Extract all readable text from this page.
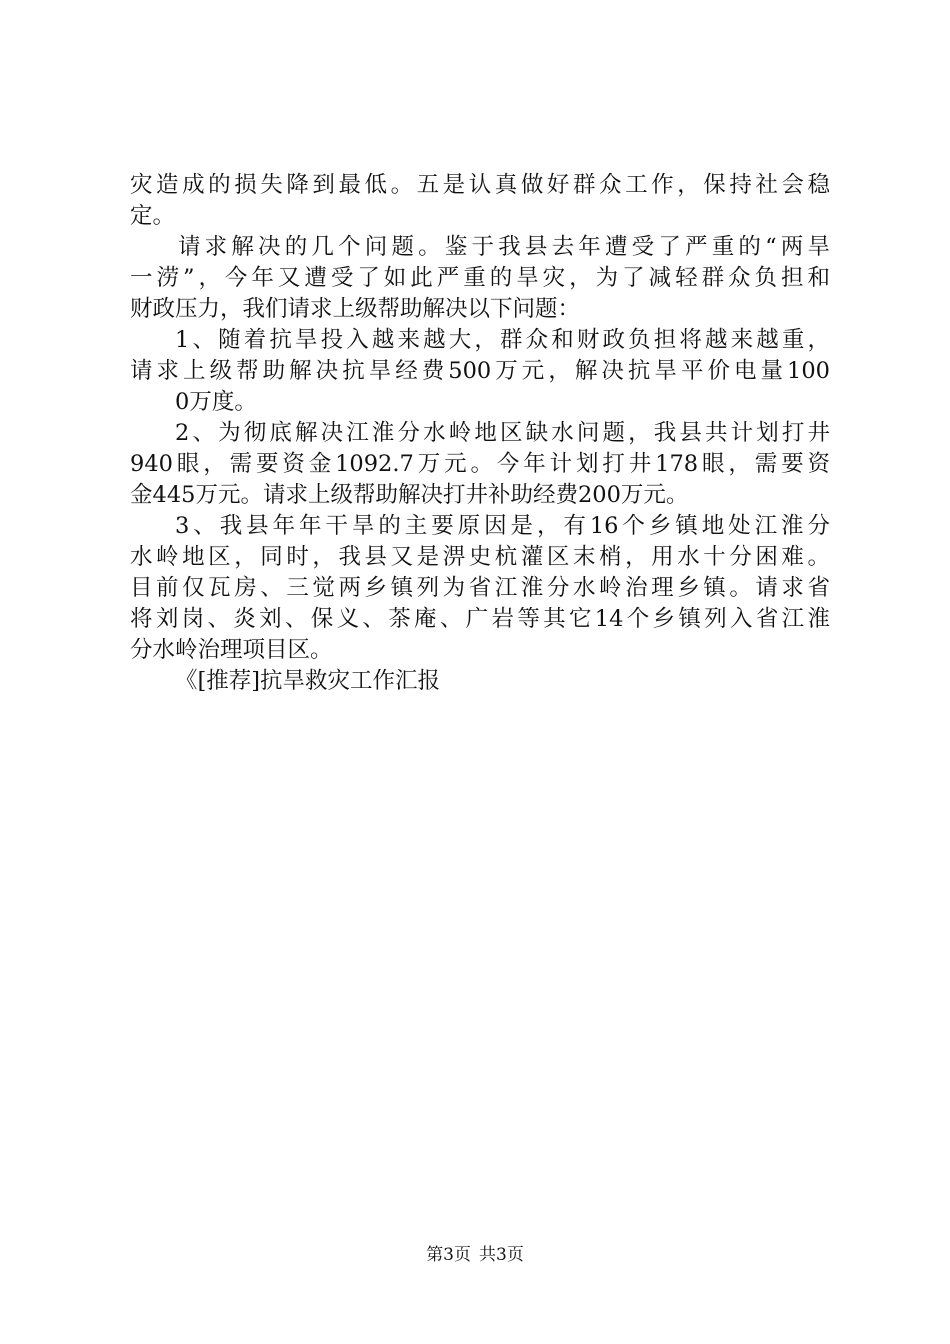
灾造成的损失降到最低。五是认真做好群众工作，保持社会稳
定。
请求解决的几个问题。鉴于我县去年遭受了严重的“两旱
一涝”，今年又遭受了如此严重的旱灾，为了减轻群众负担和
财政压力，我们请求上级帮助解决以下问题：
1、随着抗旱投入越来越大，群众和财政负担将越来越重，
请求上级帮助解决抗旱经费500万元，解决抗旱平价电量100
0万度。
2、为彻底解决江淮分水岭地区缺水问题，我县共计划打井
940眼，需要资金1092.7万元。今年计划打井178眼，需要资
金445万元。请求上级帮助解决打井补助经费200万元。
3、我县年年干旱的主要原因是，有16个乡镇地处江淮分
水岭地区，同时，我县又是淠史杭灌区末梢，用水十分困难。
目前仅瓦房、三觉两乡镇列为省江淮分水岭治理乡镇。请求省
将刘岗、炎刘、保义、茶庵、广岩等其它14个乡镇列入省江淮
分水岭治理项目区。
《[推荐]抗旱救灾工作汇报
第3页 共3页
